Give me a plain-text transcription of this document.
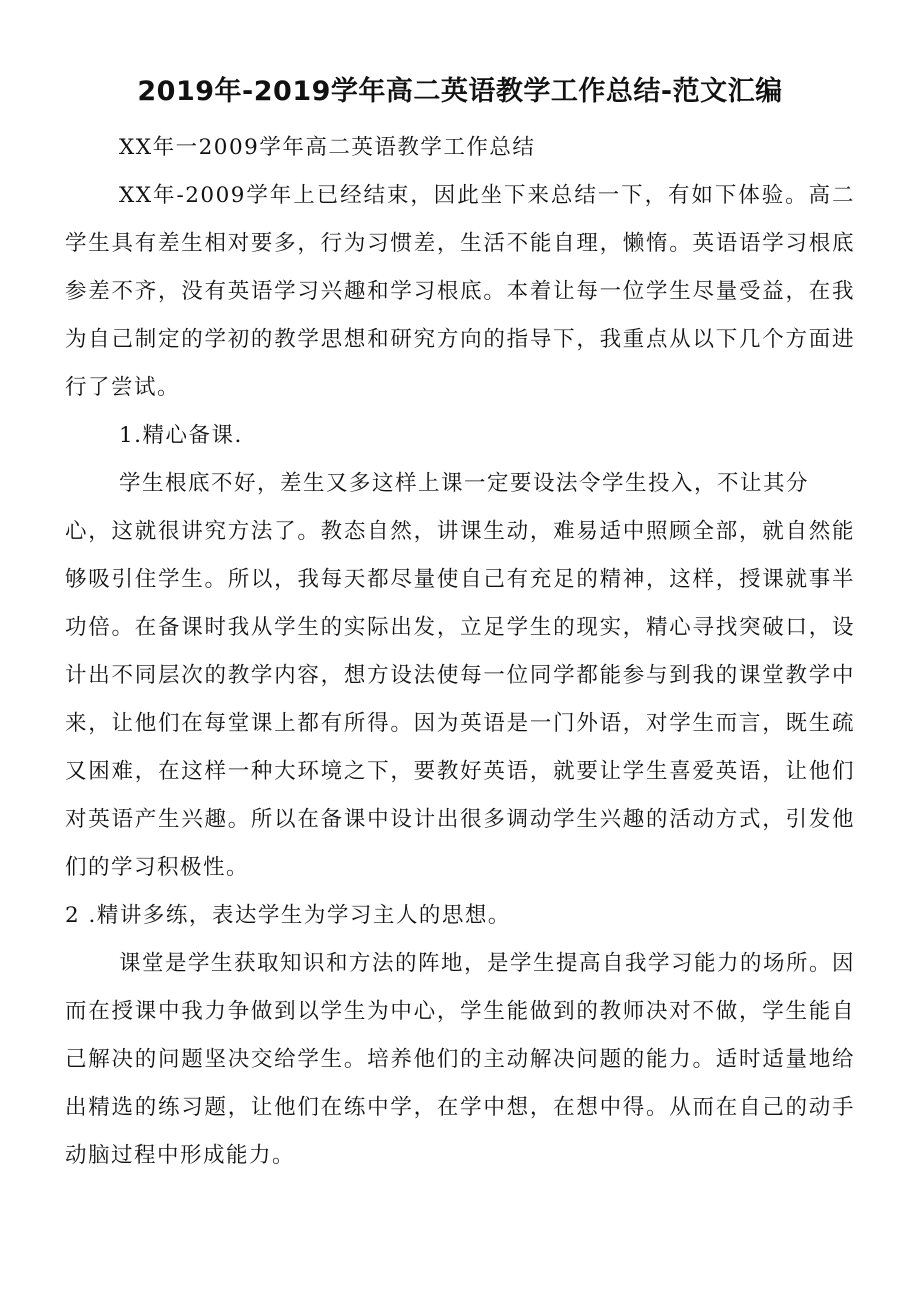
2019年-2019学年高二英语教学工作总结-范文汇编

XX年一2009学年高二英语教学工作总结

XX年-2009学年上已经结束，因此坐下来总结一下，有如下体验。高二学生具有差生相对要多，行为习惯差，生活不能自理，懒惰。英语语学习根底参差不齐，没有英语学习兴趣和学习根底。本着让每一位学生尽量受益，在我为自己制定的学初的教学思想和研究方向的指导下，我重点从以下几个方面进行了尝试。

1.精心备课.

学生根底不好，差生又多这样上课一定要设法令学生投入，不让其分

心，这就很讲究方法了。教态自然，讲课生动，难易适中照顾全部，就自然能够吸引住学生。所以，我每天都尽量使自己有充足的精神，这样，授课就事半功倍。在备课时我从学生的实际出发，立足学生的现实，精心寻找突破口，设计出不同层次的教学内容，想方设法使每一位同学都能参与到我的课堂教学中来，让他们在每堂课上都有所得。因为英语是一门外语，对学生而言，既生疏又困难，在这样一种大环境之下，要教好英语，就要让学生喜爱英语，让他们对英语产生兴趣。所以在备课中设计出很多调动学生兴趣的活动方式，引发他们的学习积极性。

2 .精讲多练，表达学生为学习主人的思想。

课堂是学生获取知识和方法的阵地，是学生提高自我学习能力的场所。因而在授课中我力争做到以学生为中心，学生能做到的教师决对不做，学生能自己解决的问题坚决交给学生。培养他们的主动解决问题的能力。适时适量地给出精选的练习题，让他们在练中学，在学中想，在想中得。从而在自己的动手动脑过程中形成能力。
